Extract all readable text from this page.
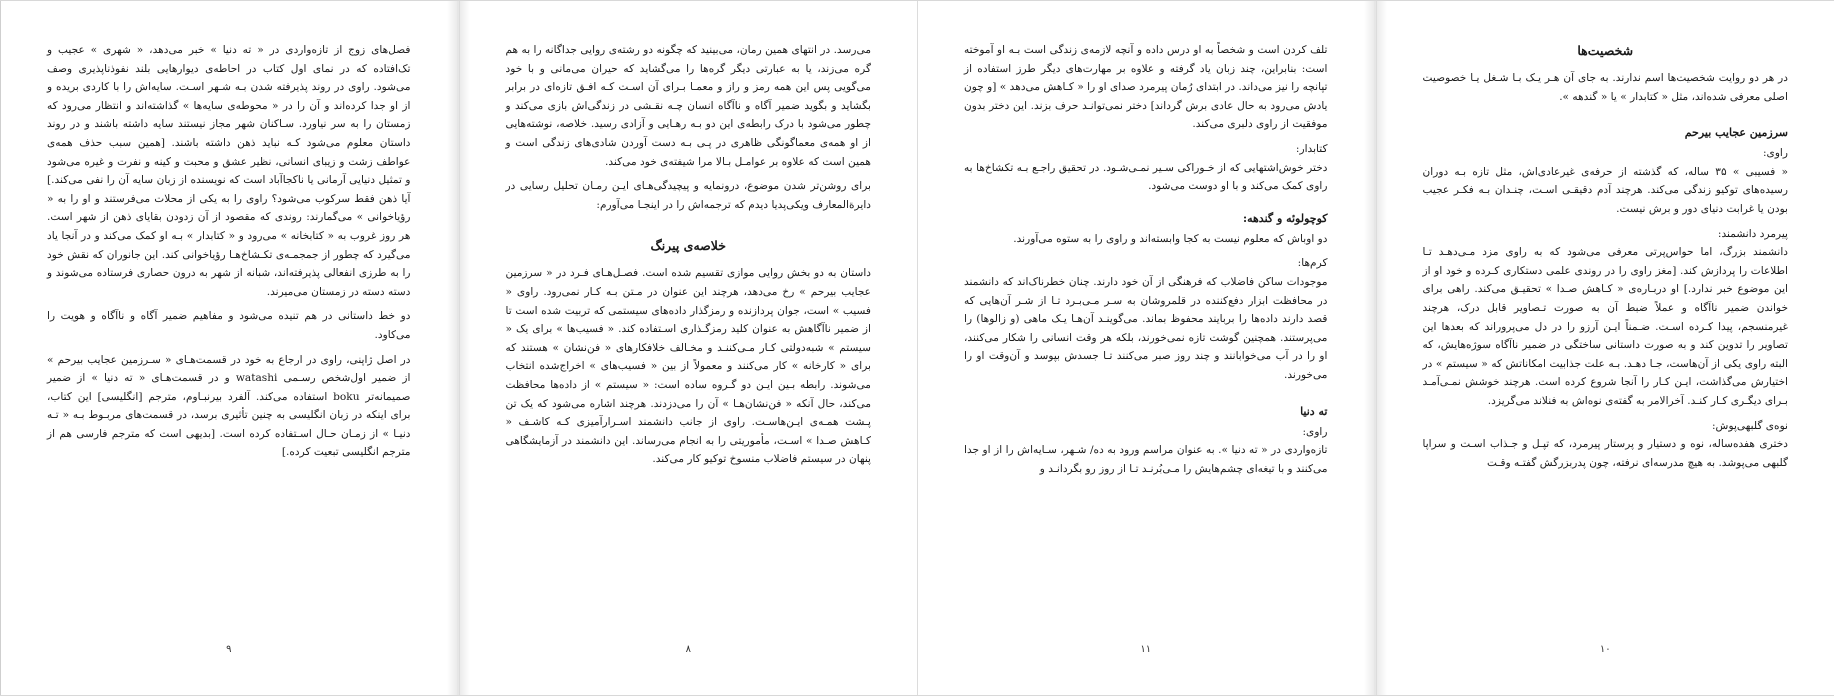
فصل‌های زوج از تازه‌واردی در « ته دنیا » خبر می‌دهد، « شهری » عجیب و تک‌افتاده که در نمای اول کتاب در احاطه‌ی دیوارهایی بلند نفوذناپذیری وصف می‌شود. راوی در روند پذیرفته شدن بـه شـهر اسـت. سایه‌اش را با کاردی بریده و از او جدا کرده‌اند و آن را در « محوطه‌ی سایه‌ها » گذاشته‌اند و انتظار می‌رود که زمستان را به سر نیاورد. سـاکنان شهر مجاز نیستند سایه داشته باشند و در روند داستان معلوم می‌شود کـه نباید ذهن داشته باشند. [همین سبب حذف همه‌ی عواطف زشت و زیبای انسانی، نظیر عشق و محبت و کینه و نفرت و غیره می‌شود و تمثیل دنیایی آرمانی یا ناکجاآباد است که نویسنده از زبان سایه آن را نفی می‌کند.] آیا ذهن فقط سرکوب می‌شود؟ راوی را به یکی از محلات می‌فرستند و او را به « رؤیاخوانی » می‌گمارند: روندی که مقصود از آن زدودن بقایای ذهن از شهر است. هر روز غروب به « کتابخانه » می‌رود و « کتابدار » بـه او کمک می‌کند و در آنجا یاد می‌گیرد که چطور از جمجمـه‌ی تکـشاخ‌هـا رؤیاخوانی کند. این جانوران که نقش خود را به طرزی انفعالی پذیرفته‌اند، شبانه از شهر به درون حصاری فرستاده می‌شوند و دسته دسته در زمستان می‌میرند.

دو خط داستانی در هم تنیده می‌شود و مفاهیم ضمیر آگاه و ناآگاه و هویت را می‌کاود.

در اصل ژاپنی، راوی در ارجاع به خود در قسمت‌هـای « سـرزمین عجایب بیرحم » از ضمیر اول‌شخص رسـمی watashi و در قسمت‌هـای « ته دنیا » از ضمیر صمیمانه‌تر boku استفاده می‌کند. آلفرد بیرنبـاوم، مترجم [انگلیسی] این کتاب، برای اینکه در زبان انگلیسی به چنین تأثیری برسد، در قسمت‌های مربـوط بـه « تـه دنیـا » از زمـان حـال اسـتفاده کرده است. [بدیهی است که مترجم فارسی هم از مترجم انگلیسی تبعیت کرده.]

۹

می‌رسد. در انتهای همین رمان، می‌بینید که چگونه دو رشته‌ی روایی جداگانه را به هم گره می‌زند، یا به عبارتی دیگر گره‌ها را می‌گشاید که حیران می‌مانی و با خود می‌گویی پس این همه رمز و راز و معمـا بـرای آن اسـت کـه افـق تازه‌ای در برابر بگشاید و بگوید ضمیر آگاه و ناآگاه انسان چـه نقـشی در زندگی‌اش بازی می‌کند و چطور می‌شود با درک رابطه‌ی این دو بـه رهـایی و آزادی رسید. خلاصه، نوشته‌هایی از او همه‌ی معماگونگی ظاهری در پـی بـه دست آوردن شادی‌های زندگی است و همین است که علاوه بر عوامـل بـالا مرا شیفته‌ی خود می‌کند.

برای روشن‌تر شدن موضوع، درونمایه و پیچیدگی‌هـای ایـن رمـان تحلیل رسایی در دایرةالمعارف ویکی‌پدیا دیدم که ترجمه‌اش را در اینجـا می‌آورم:

خلاصه‌ی پیرنگ

داستان به دو بخش روایی موازی تقسیم شده است. فصـل‌هـای فـرد در « سرزمین عجایب بیرحم » رخ می‌دهد، هرچند این عنوان در مـتن بـه کـار نمی‌رود. راوی « فسیب » است، جوان پردازنده و رمزگذار داده‌های سیستمی که تربیت شده است تا از ضمیر ناآگاهش به عنوان کلید رمزگـذاری اسـتفاده کند. « فسیب‌ها » برای یک « سیستم » شبه‌دولتی کـار مـی‌کننـد و مخـالف خلافکارهای « فن‌نشان » هستند که برای « کارخانه » کار می‌کنند و معمولاً از بین « فسیب‌های » اخراج‌شده انتخاب می‌شوند. رابطه بـین ایـن دو گـروه ساده است: « سیستم » از داده‌ها محافظت می‌کند، حال آنکه « فن‌نشان‌هـا » آن را می‌دزدند. هرچند اشاره می‌شود که یک تن پـشت همـه‌ی ایـن‌هاسـت. راوی از جانب دانشمند اسـرارآمیزی کـه کاشـف « کـاهش صـدا » اسـت، مأموریتی را به انجام می‌رساند. این دانشمند در آزمایشگاهی پنهان در سیستم فاضلاب منسوخ توکیو کار می‌کند.

۸

تلف کردن است و شخصاً به او درس داده و آنچه لازمه‌ی زندگی است بـه او آموخته است: بنابراین، چند زبان یاد گرفته و علاوه بر مهارت‌های دیگر طرز استفاده از تپانچه را نیز می‌داند. در ابتدای رُمان پیرمرد صدای او را « کـاهش می‌دهد » [و چون یادش می‌رود به حال عادی برش گرداند] دختر نمی‌توانـد حرف بزند. این دختر بدون موفقیت از راوی دلبری می‌کند.

کتابدار:

دختر خوش‌اشتهایی که از خـوراکی سـیر نمـی‌شـود. در تحقیق راجـع بـه تکشاخ‌ها به راوی کمک می‌کند و با او دوست می‌شود.

کوچولوئه و گندهه:

دو اوباش که معلوم نیست به کجا وابسته‌اند و راوی را به ستوه می‌آورند.

کرم‌ها:

موجودات ساکن فاضلاب که فرهنگی از آن خود دارند. چنان خطرناک‌اند که دانشمند در محافظت ابزار دفع‌کننده در قلمروشان به سـر مـی‌بـرد تـا از شـر آن‌هایی که قصد دارند داده‌ها را بربایند محفوظ بماند. می‌گوینـد آن‌هـا یـک ماهی (و زالوها) را می‌پرستند. همچنین گوشت تازه نمی‌خورند، بلکه هر وقت انسانی را شکار می‌کنند، او را در آب می‌خوابانند و چند روز صبر می‌کنند تـا جسدش بپوسد و آن‌وقت او را می‌خورند.

ته دنیا

راوی:

تازه‌واردی در « ته دنیا ». به عنوان مراسم ورود به ده/ شـهر، سـایه‌اش را از او جدا می‌کنند و با تیغه‌ای چشم‌هایش را مـی‌بُرنـد تـا از روز رو بگردانـد و

۱۱
شخصیت‌ها

در هر دو روایت شخصیت‌ها اسم ندارند. به جای آن هـر یـک بـا شـغل یـا خصوصیت اصلی معرفی شده‌اند، مثل « کتابدار » یا « گندهه ».

سرزمین عجایب بیرحم

راوی:

« فسیبی » ۳۵ ساله، که گذشته از حرفه‌ی غیرعادی‌اش، مثل تازه بـه دوران رسیده‌های توکیو زندگی می‌کند. هرچند آدم دقیقـی اسـت، چنـدان بـه فکـر عجیب بودن یا غرابت دنیای دور و برش نیست.

پیرمرد دانشمند:

دانشمند بزرگ، اما حواس‌پرتی معرفی می‌شود که به راوی مزد مـی‌دهـد تـا اطلاعات را پردازش کند. [مغز راوی را در روندی علمی دستکاری کـرده و خود او از این موضوع خبر ندارد.] او دربـاره‌ی « کـاهش صـدا » تحقیـق می‌کند. راهی برای خواندن ضمیر ناآگاه و عملاً ضبط آن به صورت تـصاویر قابل درک، هرچند غیرمنسجم، پیدا کـرده اسـت. ضـمناً ایـن آرزو را در دل می‌پروراند که بعدها این تصاویر را تدوین کند و به صورت داستانی ساختگی در ضمیر ناآگاه سوژه‌هایش، که البته راوی یکی از آن‌هاست، جـا دهـد. بـه علت جذابیت امکاناتش که « سیستم » در اختیارش می‌گذاشت، ایـن کـار را آنجا شروع کرده است. هرچند خوشش نمـی‌آمـد بـرای دیگـری کـار کنـد. آخرالامر به گفته‌ی نوه‌اش به فنلاند می‌گریزد.

نوه‌ی گلبهی‌پوش:

دختری هفده‌ساله، نوه و دستیار و پرستار پیرمرد، که تپـل و جـذاب اسـت و سراپا گلبهی می‌پوشد. به هیچ مدرسه‌ای نرفته، چون پدربزرگش گفتـه وقـت

۱۰
